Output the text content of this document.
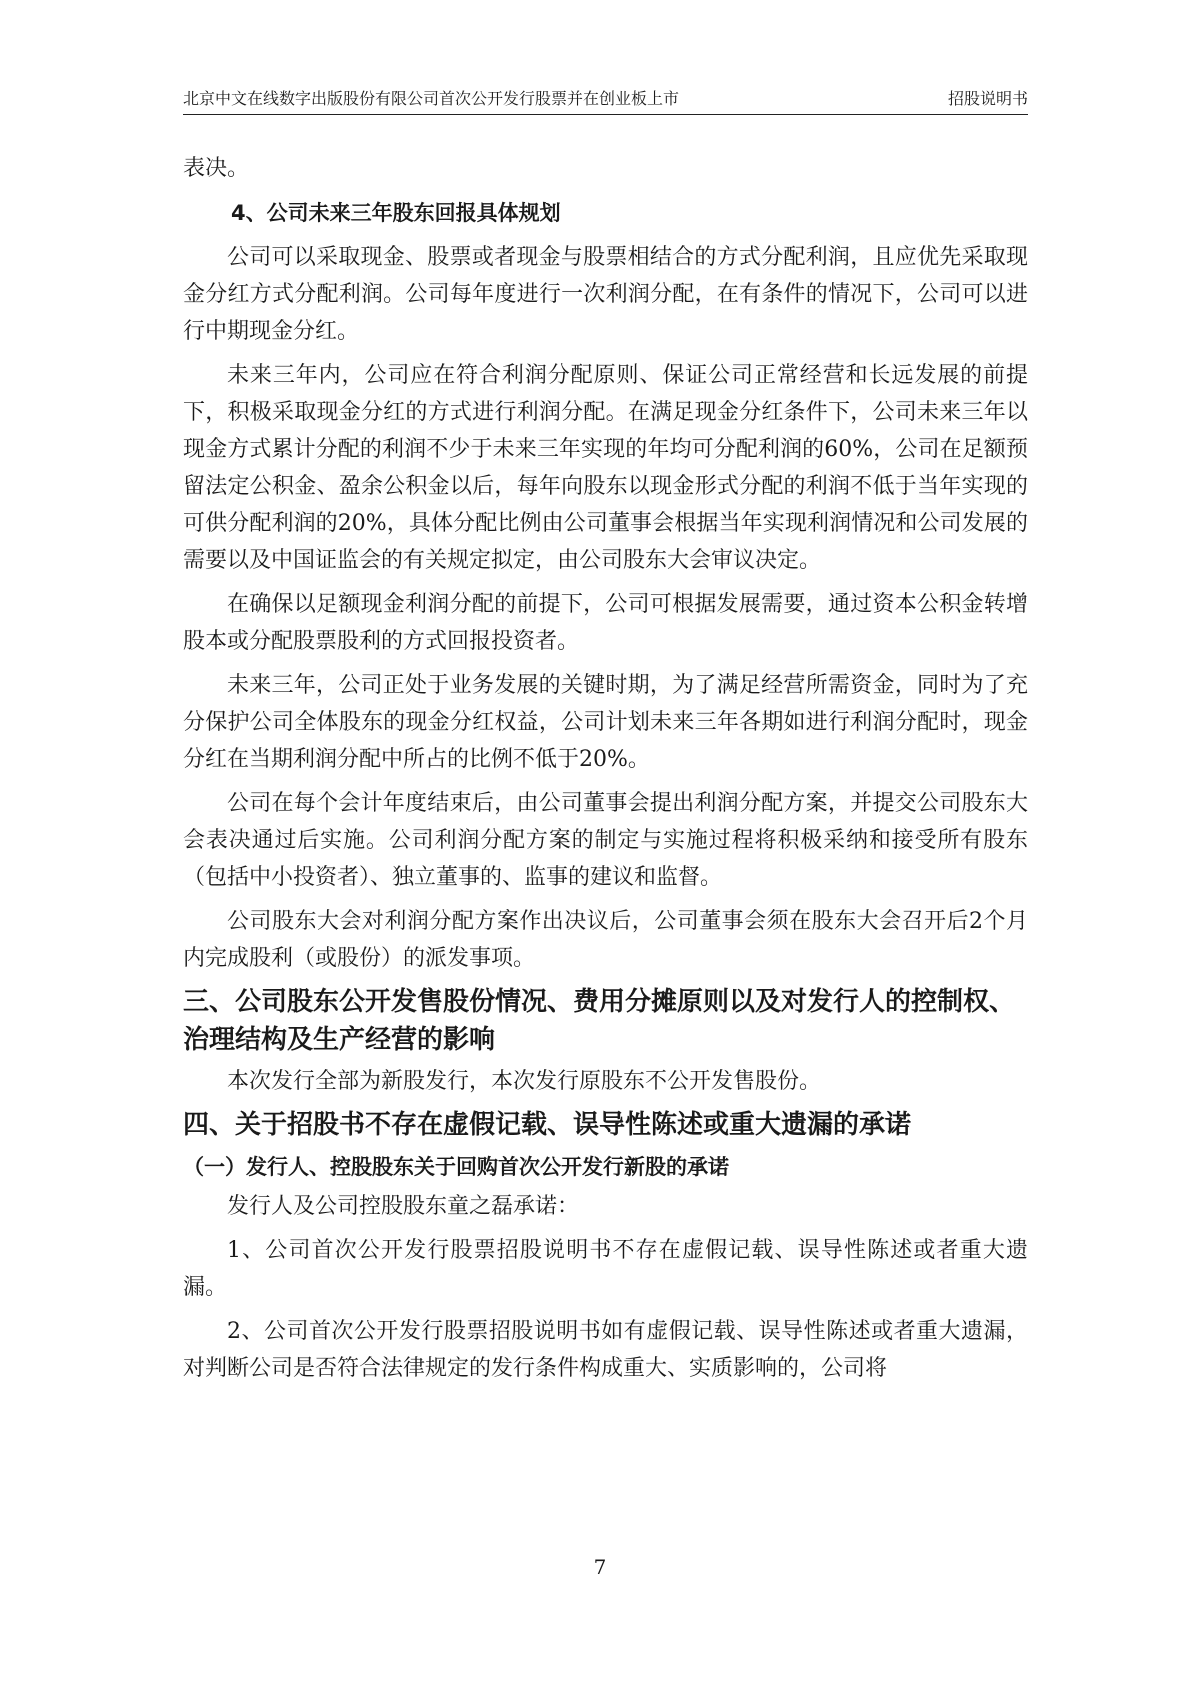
北京中文在线数字出版股份有限公司首次公开发行股票并在创业板上市	招股说明书

表决。

4、公司未来三年股东回报具体规划

公司可以采取现金、股票或者现金与股票相结合的方式分配利润，且应优先采取现金分红方式分配利润。公司每年度进行一次利润分配，在有条件的情况下，公司可以进行中期现金分红。

未来三年内，公司应在符合利润分配原则、保证公司正常经营和长远发展的前提下，积极采取现金分红的方式进行利润分配。在满足现金分红条件下，公司未来三年以现金方式累计分配的利润不少于未来三年实现的年均可分配利润的60%，公司在足额预留法定公积金、盈余公积金以后，每年向股东以现金形式分配的利润不低于当年实现的可供分配利润的20%，具体分配比例由公司董事会根据当年实现利润情况和公司发展的需要以及中国证监会的有关规定拟定，由公司股东大会审议决定。

在确保以足额现金利润分配的前提下，公司可根据发展需要，通过资本公积金转增股本或分配股票股利的方式回报投资者。

未来三年，公司正处于业务发展的关键时期，为了满足经营所需资金，同时为了充分保护公司全体股东的现金分红权益，公司计划未来三年各期如进行利润分配时，现金分红在当期利润分配中所占的比例不低于20%。

公司在每个会计年度结束后，由公司董事会提出利润分配方案，并提交公司股东大会表决通过后实施。公司利润分配方案的制定与实施过程将积极采纳和接受所有股东（包括中小投资者）、独立董事的、监事的建议和监督。

公司股东大会对利润分配方案作出决议后，公司董事会须在股东大会召开后2个月内完成股利（或股份）的派发事项。

三、公司股东公开发售股份情况、费用分摊原则以及对发行人的控制权、治理结构及生产经营的影响

本次发行全部为新股发行，本次发行原股东不公开发售股份。

四、关于招股书不存在虚假记载、误导性陈述或重大遗漏的承诺
（一）发行人、控股股东关于回购首次公开发行新股的承诺

发行人及公司控股股东童之磊承诺：

1、公司首次公开发行股票招股说明书不存在虚假记载、误导性陈述或者重大遗漏。

2、公司首次公开发行股票招股说明书如有虚假记载、误导性陈述或者重大遗漏，对判断公司是否符合法律规定的发行条件构成重大、实质影响的，公司将

7
